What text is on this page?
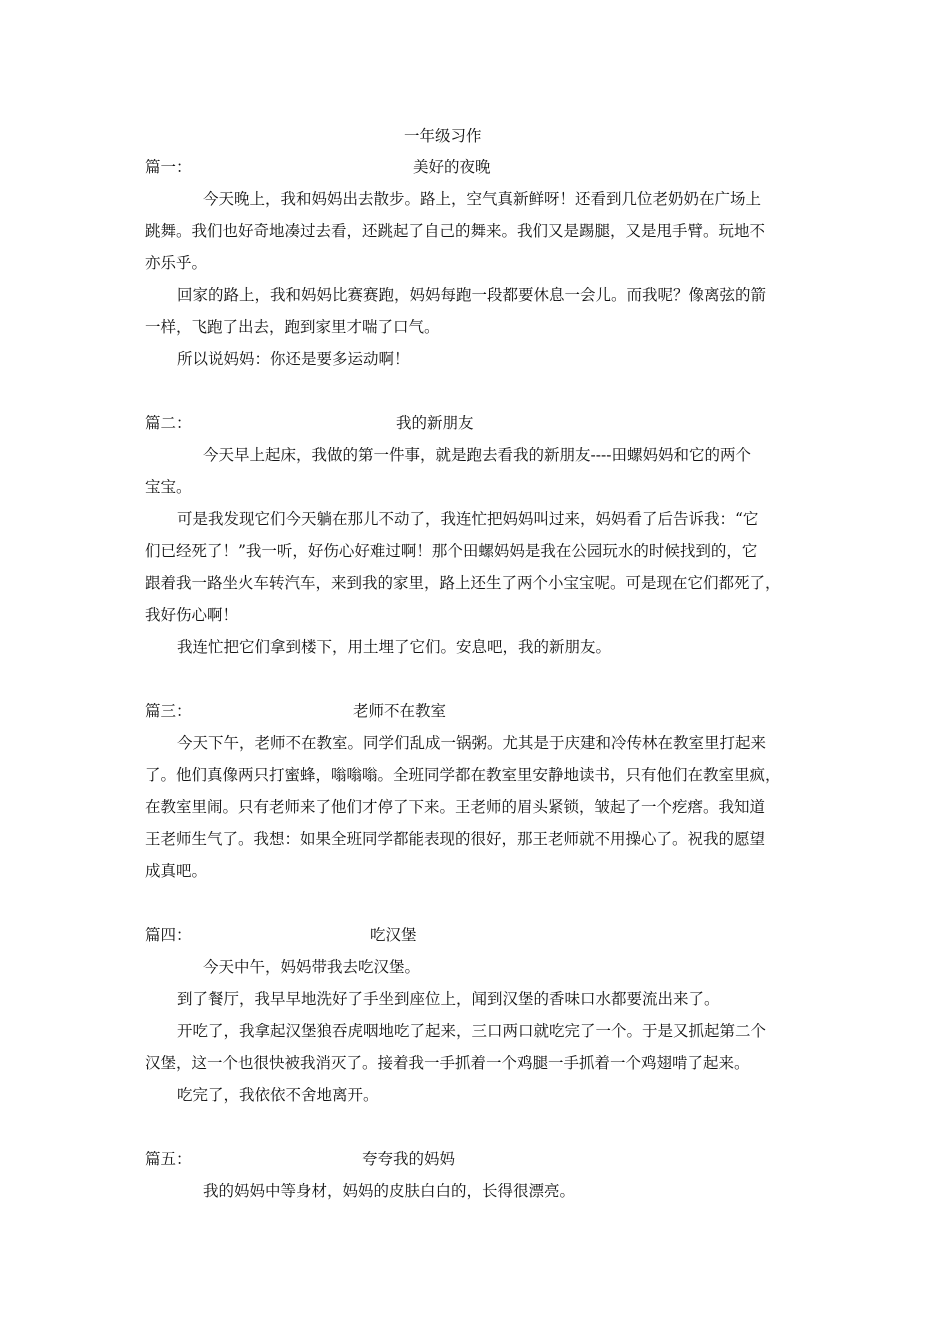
一年级习作
篇一：	美好的夜晚
今天晚上，我和妈妈出去散步。路上，空气真新鲜呀！还看到几位老奶奶在广场上
跳舞。我们也好奇地凑过去看，还跳起了自己的舞来。我们又是踢腿，又是甩手臂。玩地不
亦乐乎。
回家的路上，我和妈妈比赛赛跑，妈妈每跑一段都要休息一会儿。而我呢？像离弦的箭
一样，飞跑了出去，跑到家里才喘了口气。
所以说妈妈：你还是要多运动啊！
篇二：	我的新朋友
今天早上起床，我做的第一件事，就是跑去看我的新朋友----田螺妈妈和它的两个
宝宝。
可是我发现它们今天躺在那儿不动了，我连忙把妈妈叫过来，妈妈看了后告诉我：“它
们已经死了！”我一听，好伤心好难过啊！那个田螺妈妈是我在公园玩水的时候找到的，它
跟着我一路坐火车转汽车，来到我的家里，路上还生了两个小宝宝呢。可是现在它们都死了，
我好伤心啊！
我连忙把它们拿到楼下，用土埋了它们。安息吧，我的新朋友。
篇三：	老师不在教室
今天下午，老师不在教室。同学们乱成一锅粥。尤其是于庆建和冷传林在教室里打起来
了。他们真像两只打蜜蜂，嗡嗡嗡。全班同学都在教室里安静地读书，只有他们在教室里疯，
在教室里闹。只有老师来了他们才停了下来。王老师的眉头紧锁，皱起了一个疙瘩。我知道
王老师生气了。我想：如果全班同学都能表现的很好，那王老师就不用操心了。祝我的愿望
成真吧。
篇四：	吃汉堡
今天中午，妈妈带我去吃汉堡。
到了餐厅，我早早地洗好了手坐到座位上，闻到汉堡的香味口水都要流出来了。
开吃了，我拿起汉堡狼吞虎咽地吃了起来，三口两口就吃完了一个。于是又抓起第二个
汉堡，这一个也很快被我消灭了。接着我一手抓着一个鸡腿一手抓着一个鸡翅啃了起来。
吃完了，我依依不舍地离开。
篇五：	夸夸我的妈妈
我的妈妈中等身材，妈妈的皮肤白白的，长得很漂亮。
